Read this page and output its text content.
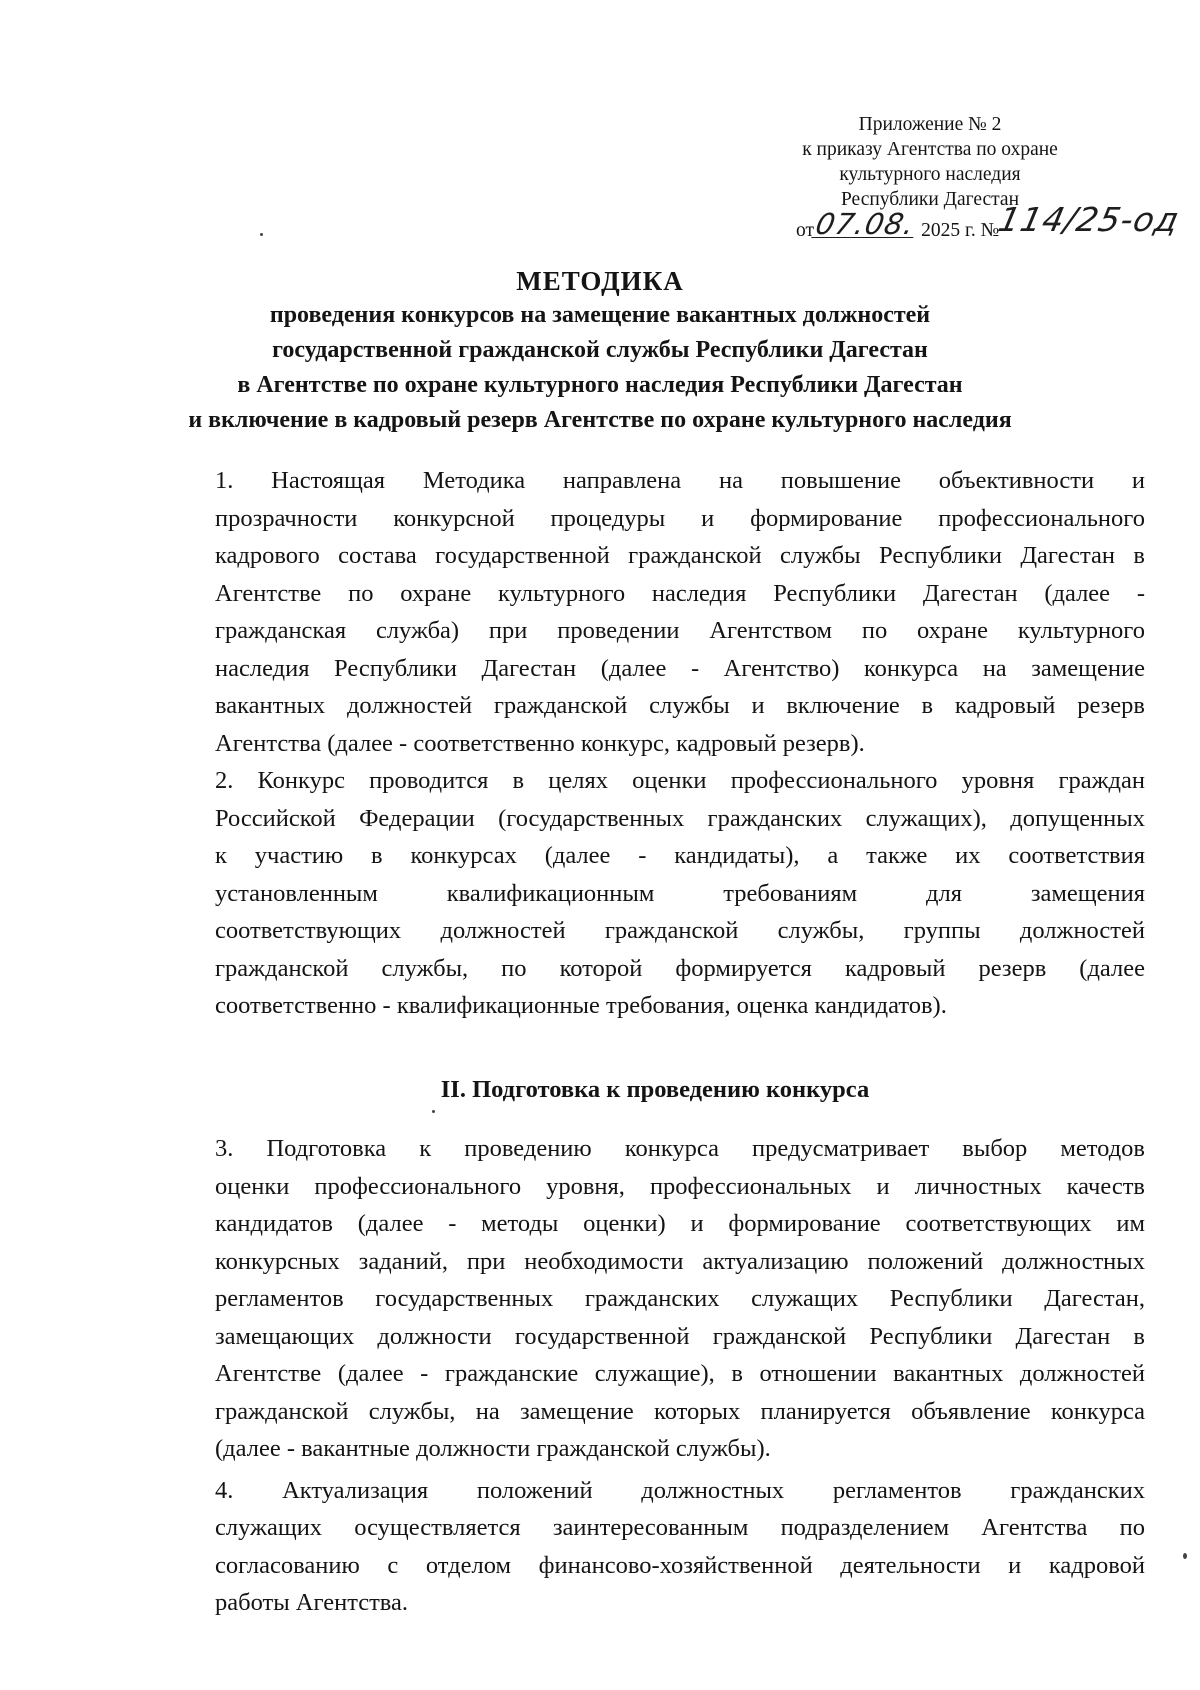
Приложение № 2
к приказу Агентства по охране
культурного наследия
Республики Дагестан
от07.08. 2025 г. №114/25-од
МЕТОДИКА
проведения конкурсов на замещение вакантных должностей
государственной гражданской службы Республики Дагестан
в Агентстве по охране культурного наследия Республики Дагестан
и включение в кадровый резерв Агентстве по охране культурного наследия
1. Настоящая Методика направлена на повышение объективности и
прозрачности конкурсной процедуры и формирование профессионального
кадрового состава государственной гражданской службы Республики Дагестан в
Агентстве по охране культурного наследия Республики Дагестан (далее -
гражданская служба) при проведении Агентством по охране культурного
наследия Республики Дагестан (далее - Агентство) конкурса на замещение
вакантных должностей гражданской службы и включение в кадровый резерв
Агентства (далее - соответственно конкурс, кадровый резерв).
2. Конкурс проводится в целях оценки профессионального уровня граждан
Российской Федерации (государственных гражданских служащих), допущенных
к участию в конкурсах (далее - кандидаты), а также их соответствия
установленным квалификационным требованиям для замещения
соответствующих должностей гражданской службы, группы должностей
гражданской службы, по которой формируется кадровый резерв (далее
соответственно - квалификационные требования, оценка кандидатов).
II. Подготовка к проведению конкурса
3. Подготовка к проведению конкурса предусматривает выбор методов
оценки профессионального уровня, профессиональных и личностных качеств
кандидатов (далее - методы оценки) и формирование соответствующих им
конкурсных заданий, при необходимости актуализацию положений должностных
регламентов государственных гражданских служащих Республики Дагестан,
замещающих должности государственной гражданской Республики Дагестан в
Агентстве (далее - гражданские служащие), в отношении вакантных должностей
гражданской службы, на замещение которых планируется объявление конкурса
(далее - вакантные должности гражданской службы).
4. Актуализация положений должностных регламентов гражданских
служащих осуществляется заинтересованным подразделением Агентства по
согласованию с отделом финансово-хозяйственной деятельности и кадровой
работы Агентства.
